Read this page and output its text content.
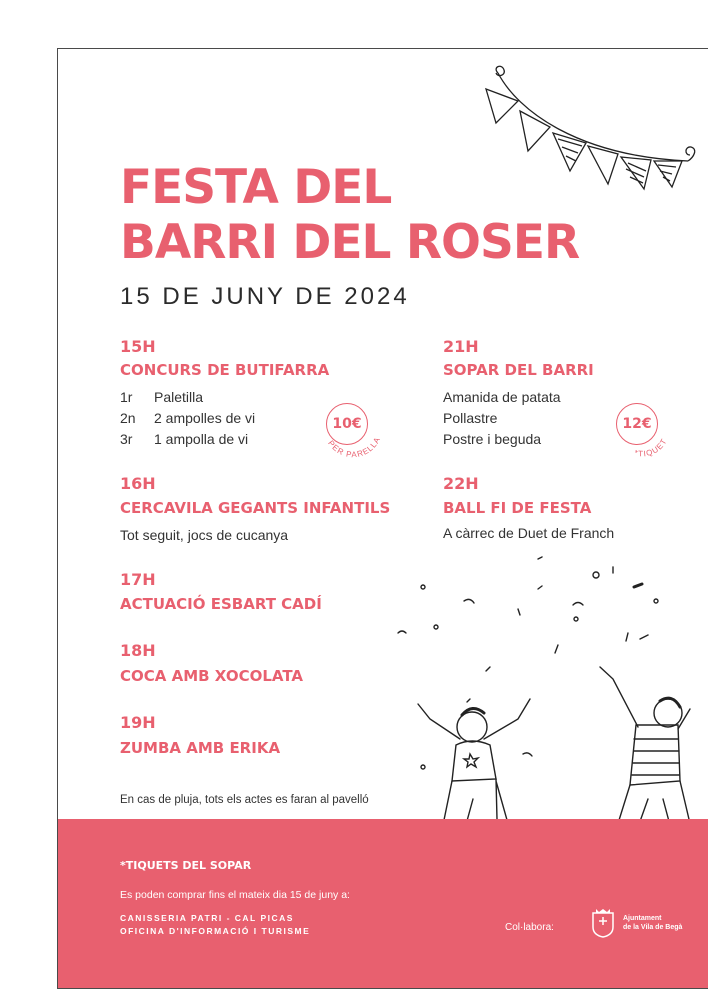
FESTA DEL
BARRI DEL ROSER
15 DE JUNY DE 2024
15H
CONCURS DE BUTIFARRA
1r Paletilla
2n 2 ampolles de vi
3r 1 ampolla de vi
10€
PER PARELLA
16H
CERCAVILA GEGANTS INFANTILS
Tot seguit, jocs de cucanya
17H
ACTUACIÓ ESBART CADÍ
18H
COCA AMB XOCOLATA
19H
ZUMBA AMB ERIKA
21H
SOPAR DEL BARRI
Amanida de patata
Pollastre
Postre i beguda
12€
*TIQUET
22H
BALL FI DE FESTA
A càrrec de Duet de Franch
En cas de pluja, tots els actes es faran al pavelló
*TIQUETS DEL SOPAR
Es poden comprar fins el mateix dia 15 de juny a:
CANISSERIA PATRI - CAL PICAS
OFICINA D'INFORMACIÓ I TURISME	Col·labora:
Ajuntament
de la Vila de Begà
